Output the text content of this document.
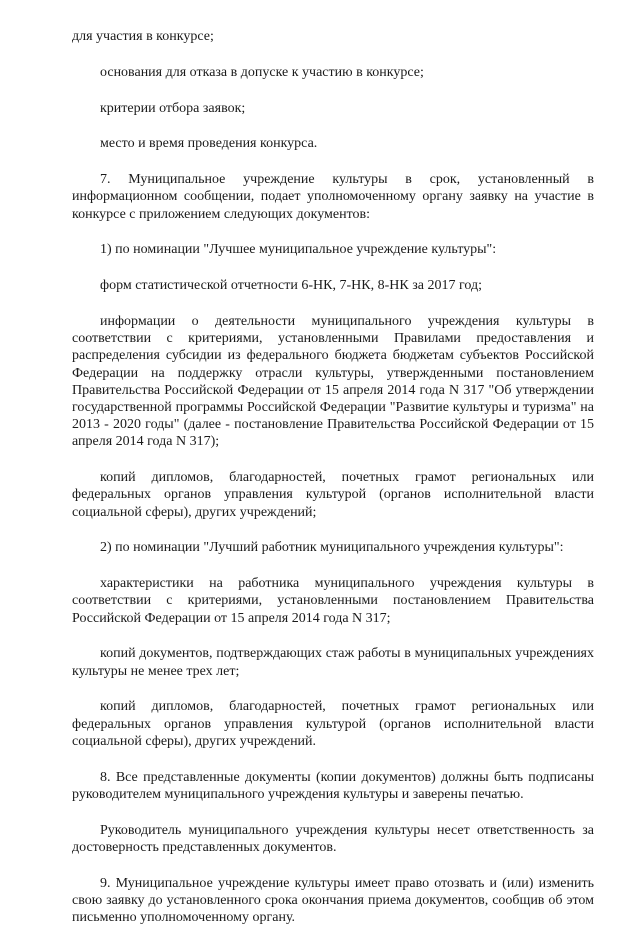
для участия в конкурсе;

основания для отказа в допуске к участию в конкурсе;

критерии отбора заявок;

место и время проведения конкурса.

7. Муниципальное учреждение культуры в срок, установленный в информационном сообщении, подает уполномоченному органу заявку на участие в конкурсе с приложением следующих документов:

1) по номинации "Лучшее муниципальное учреждение культуры":

форм статистической отчетности 6-НК, 7-НК, 8-НК за 2017 год;

информации о деятельности муниципального учреждения культуры в соответствии с критериями, установленными Правилами предоставления и распределения субсидии из федерального бюджета бюджетам субъектов Российской Федерации на поддержку отрасли культуры, утвержденными постановлением Правительства Российской Федерации от 15 апреля 2014 года N 317 "Об утверждении государственной программы Российской Федерации "Развитие культуры и туризма" на 2013 - 2020 годы" (далее - постановление Правительства Российской Федерации от 15 апреля 2014 года N 317);

копий дипломов, благодарностей, почетных грамот региональных или федеральных органов управления культурой (органов исполнительной власти социальной сферы), других учреждений;

2) по номинации "Лучший работник муниципального учреждения культуры":

характеристики на работника муниципального учреждения культуры в соответствии с критериями, установленными постановлением Правительства Российской Федерации от 15 апреля 2014 года N 317;

копий документов, подтверждающих стаж работы в муниципальных учреждениях культуры не менее трех лет;

копий дипломов, благодарностей, почетных грамот региональных или федеральных органов управления культурой (органов исполнительной власти социальной сферы), других учреждений.

8. Все представленные документы (копии документов) должны быть подписаны руководителем муниципального учреждения культуры и заверены печатью.

Руководитель муниципального учреждения культуры несет ответственность за достоверность представленных документов.

9. Муниципальное учреждение культуры имеет право отозвать и (или) изменить свою заявку до установленного срока окончания приема документов, сообщив об этом письменно уполномоченному органу.
